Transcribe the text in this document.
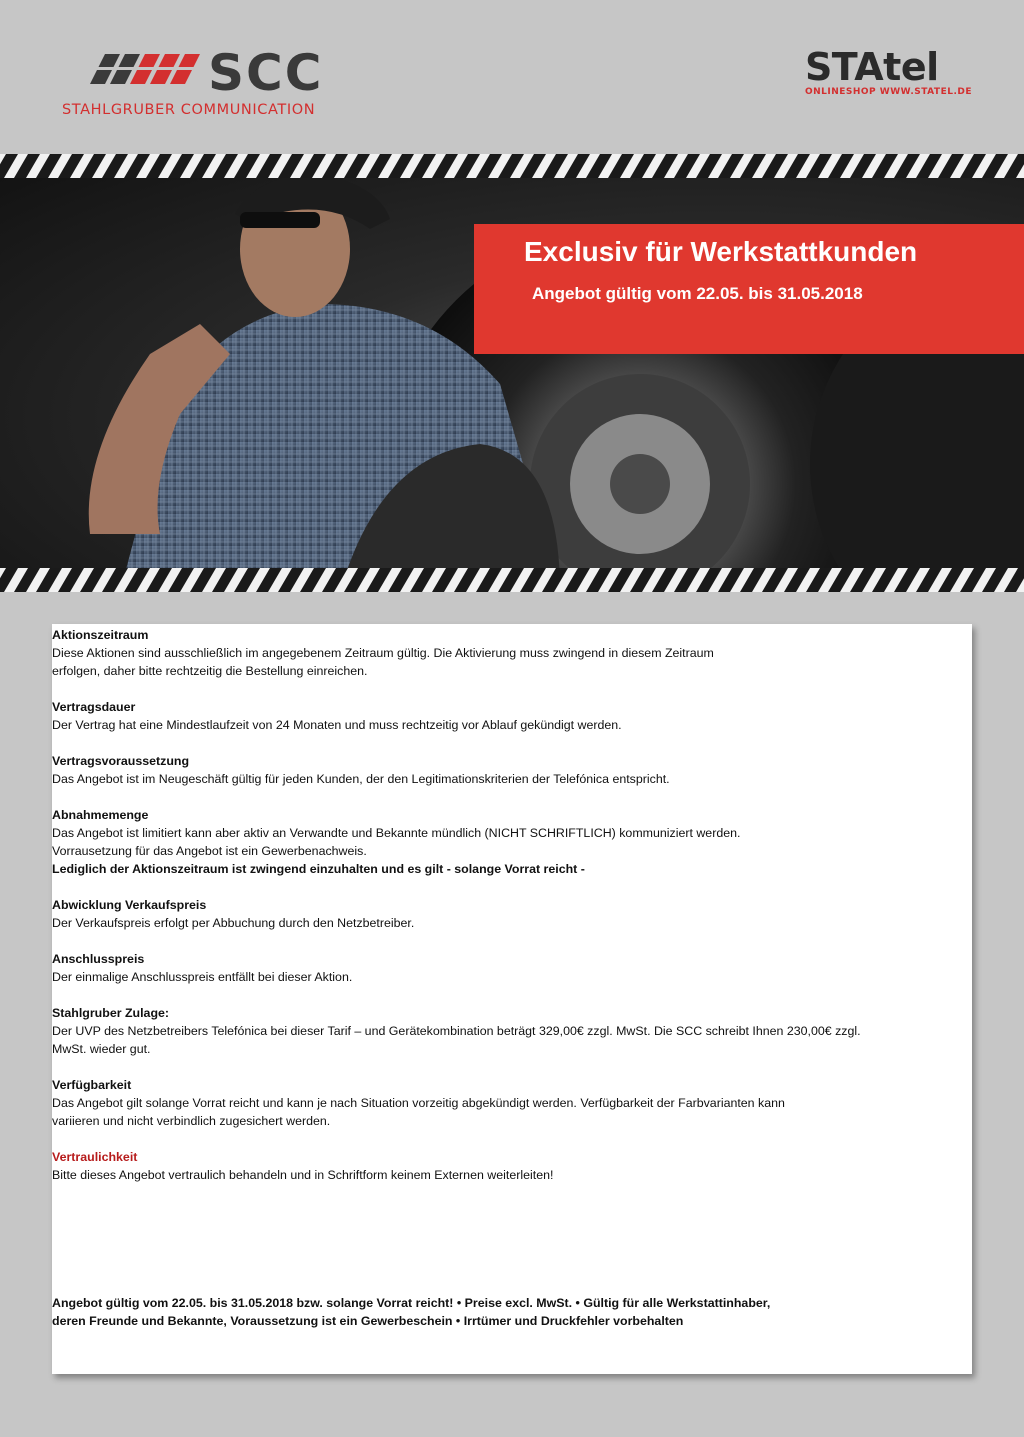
SCC
STAHLGRUBER COMMUNICATION
STAtel
ONLINESHOP WWW.STATEL.DE
Exclusiv für Werkstattkunden
Angebot gültig vom 22.05. bis 31.05.2018
Aktionszeitraum

Diese Aktionen sind ausschließlich im angegebenem Zeitraum gültig. Die Aktivierung muss zwingend in diesem Zeitraum

erfolgen, daher bitte rechtzeitig die Bestellung einreichen.

Vertragsdauer

Der Vertrag hat eine Mindestlaufzeit von 24 Monaten und muss rechtzeitig vor Ablauf gekündigt werden.

Vertragsvoraussetzung

Das Angebot ist im Neugeschäft gültig für jeden Kunden, der den Legitimationskriterien der Telefónica entspricht.

Abnahmemenge

Das Angebot ist limitiert kann aber aktiv an Verwandte und Bekannte mündlich (NICHT SCHRIFTLICH) kommuniziert werden.

Vorrausetzung für das Angebot ist ein Gewerbenachweis.

Lediglich der Aktionszeitraum ist zwingend einzuhalten und es gilt - solange Vorrat reicht -

Abwicklung Verkaufspreis

Der Verkaufspreis erfolgt per Abbuchung durch den Netzbetreiber.

Anschlusspreis

Der einmalige Anschlusspreis entfällt bei dieser Aktion.

Stahlgruber Zulage:

Der UVP des Netzbetreibers Telefónica bei dieser Tarif – und Gerätekombination beträgt 329,00€ zzgl. MwSt. Die SCC schreibt Ihnen 230,00€ zzgl.

MwSt. wieder gut.

Verfügbarkeit

Das Angebot gilt solange Vorrat reicht und kann je nach Situation vorzeitig abgekündigt werden. Verfügbarkeit der Farbvarianten kann

variieren und nicht verbindlich zugesichert werden.

Vertraulichkeit

Bitte dieses Angebot vertraulich behandeln und in Schriftform keinem Externen weiterleiten!

Angebot gültig vom 22.05. bis 31.05.2018 bzw. solange Vorrat reicht! • Preise excl. MwSt. • Gültig für alle Werkstattinhaber,
deren Freunde und Bekannte, Voraussetzung ist ein Gewerbeschein • Irrtümer und Druckfehler vorbehalten
